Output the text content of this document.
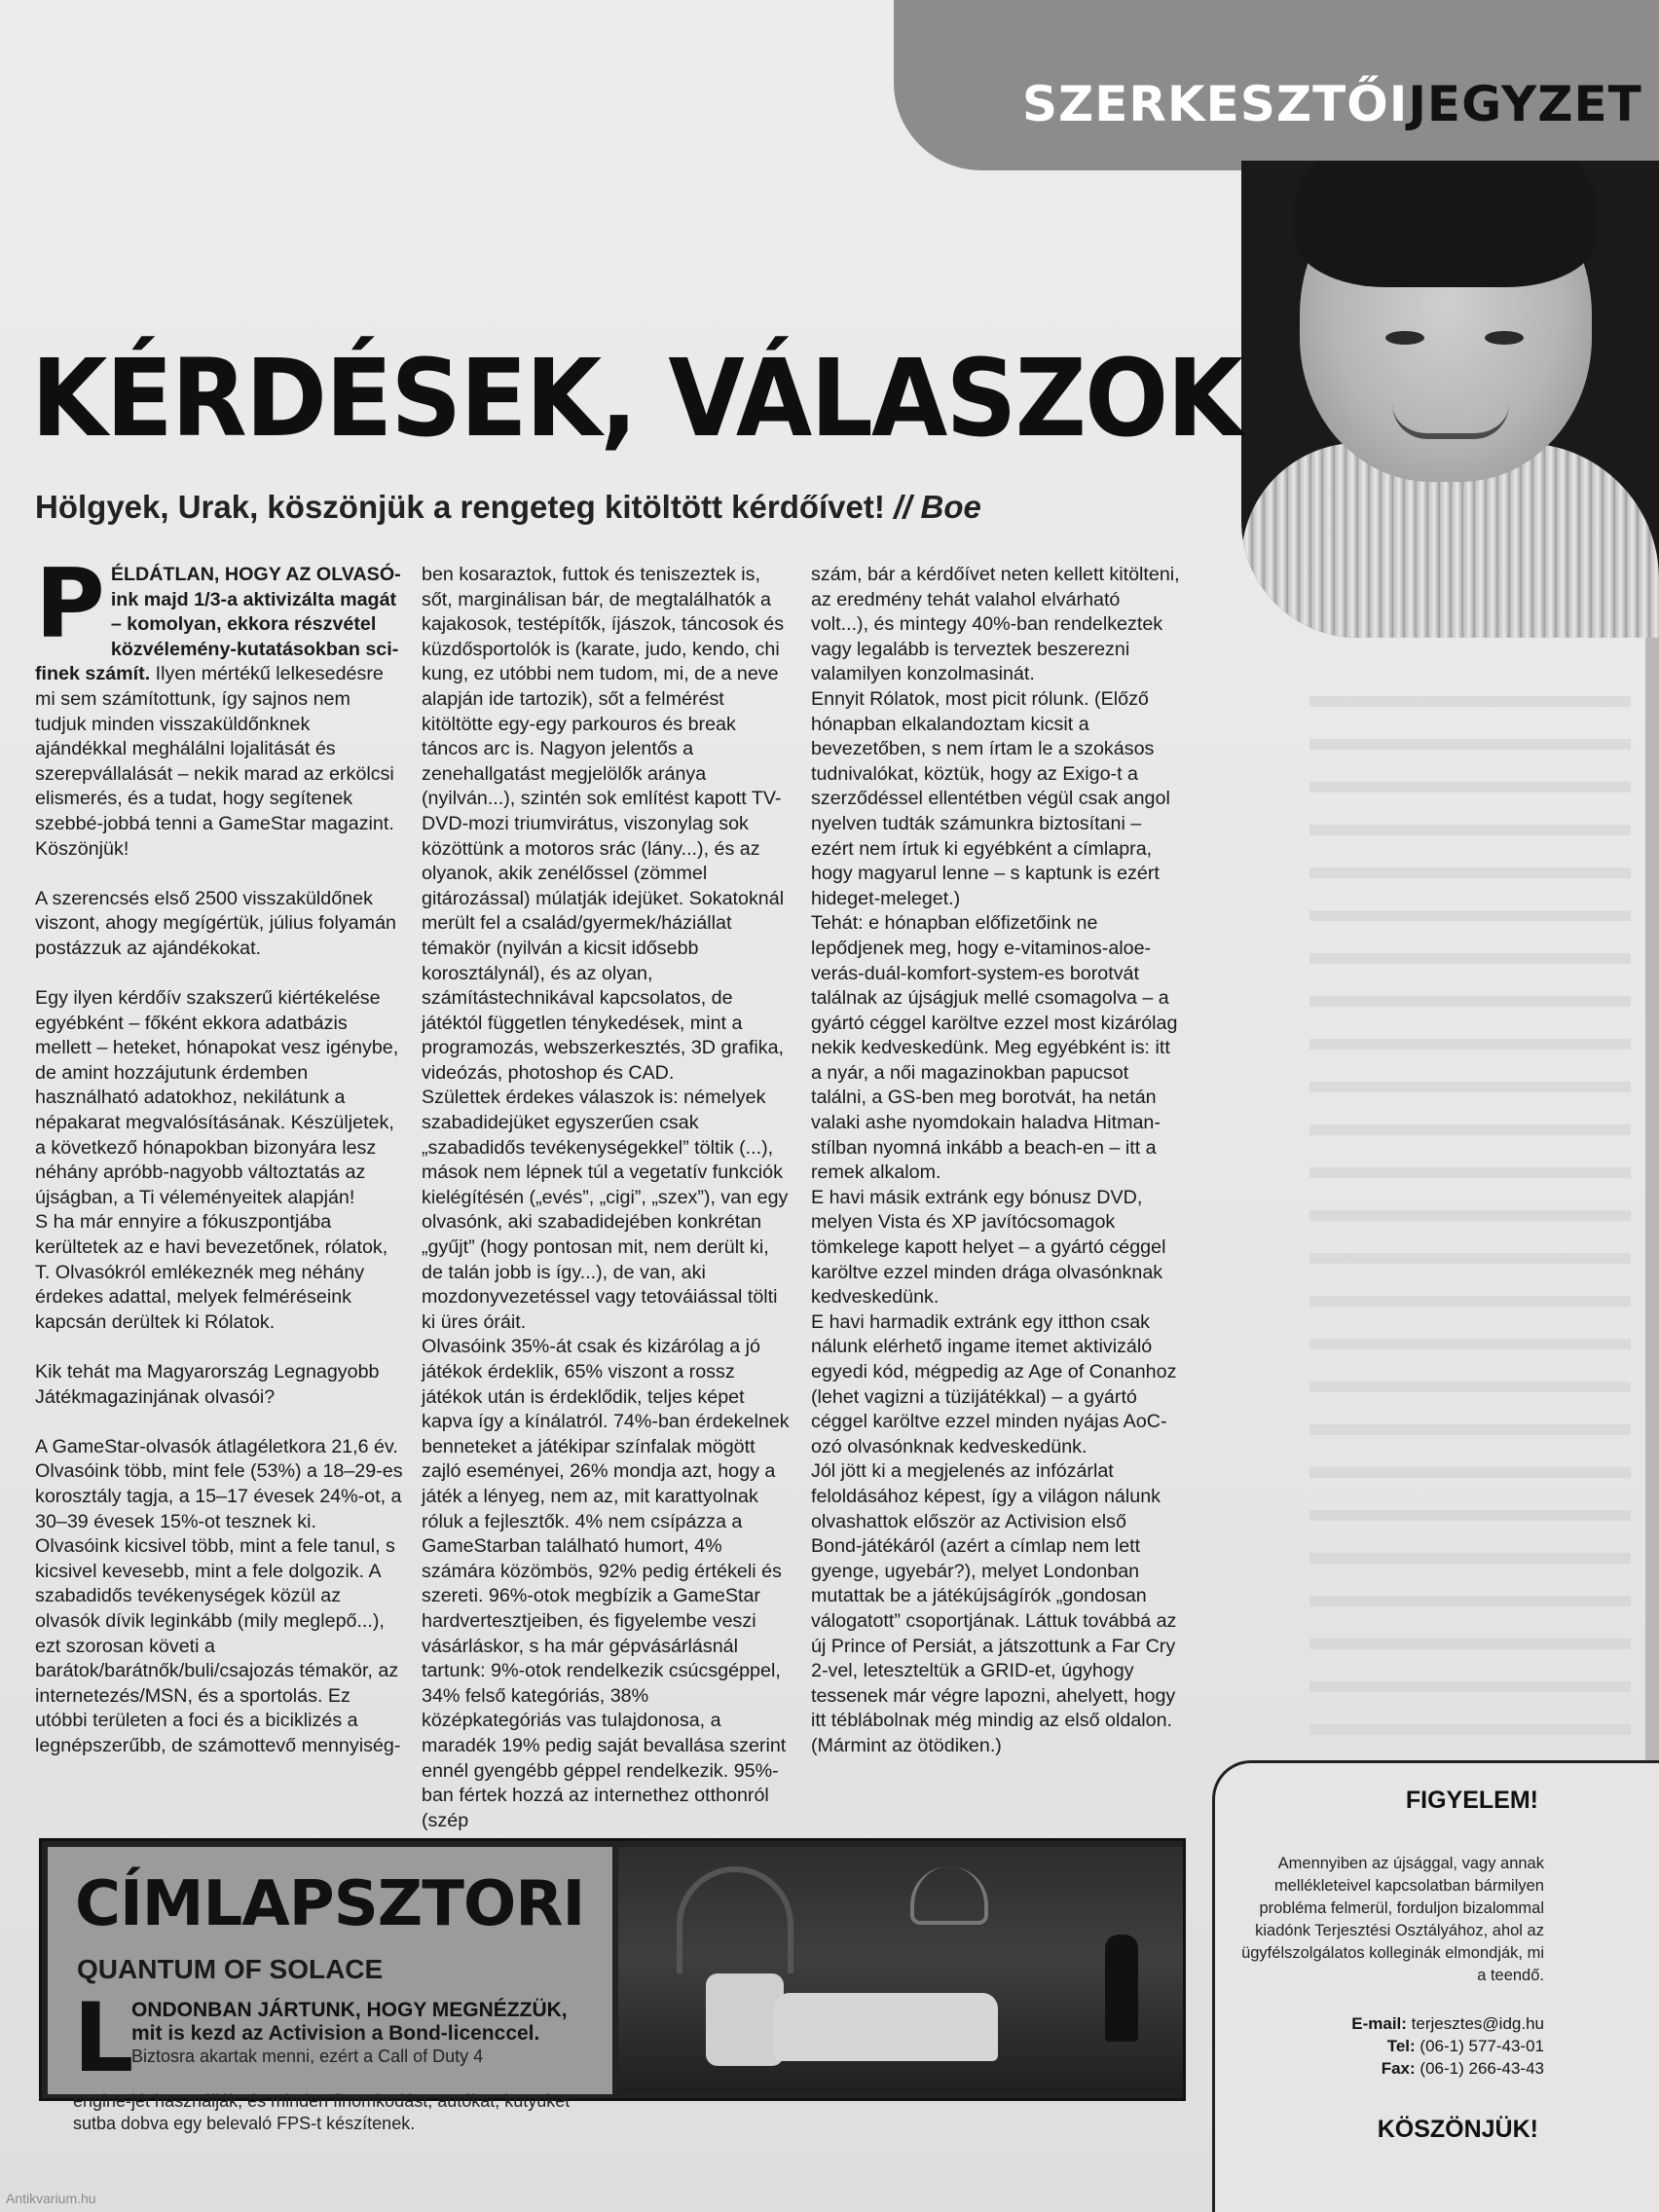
SZERKESZTŐIJEGYZET
KÉRDÉSEK, VÁLASZOK
Hölgyek, Urak, köszönjük a rengeteg kitöltött kérdőívet! // Boe

PÉLDÁTLAN, HOGY AZ OLVASÓ-ink majd 1/3-a aktivizálta magát – komolyan, ekkora részvétel közvélemény-kutatásokban sci-finek számít. Ilyen mértékű lelkesedésre mi sem számítottunk, így sajnos nem tudjuk minden visszaküldőnknek ajándékkal meghálálni lojalitását és szerepvállalását – nekik marad az erkölcsi elismerés, és a tudat, hogy segítenek szebbé-jobbá tenni a GameStar magazint. Köszönjük!

A szerencsés első 2500 visszaküldőnek viszont, ahogy megígértük, július folyamán postázzuk az ajándékokat.

Egy ilyen kérdőív szakszerű kiértékelése egyébként – főként ekkora adatbázis mellett – heteket, hónapokat vesz igénybe, de amint hozzájutunk érdemben használható adatokhoz, nekilátunk a népakarat megvalósításának. Készüljetek, a következő hónapokban bizonyára lesz néhány apróbb-nagyobb változtatás az újságban, a Ti véleményeitek alapján!

S ha már ennyire a fókuszpontjába kerültetek az e havi bevezetőnek, rólatok, T. Olvasókról emlékeznék meg néhány érdekes adattal, melyek felméréseink kapcsán derültek ki Rólatok.

Kik tehát ma Magyarország Legnagyobb Játékmagazinjának olvasói?

A GameStar-olvasók átlagéletkora 21,6 év. Olvasóink több, mint fele (53%) a 18–29-es korosztály tagja, a 15–17 évesek 24%-ot, a 30–39 évesek 15%-ot tesznek ki. Olvasóink kicsivel több, mint a fele tanul, s kicsivel kevesebb, mint a fele dolgozik. A szabadidős tevékenységek közül az olvasók dívik leginkább (mily meglepő...), ezt szorosan követi a barátok/barátnők/buli/csajozás témakör, az internetezés/MSN, és a sportolás. Ez utóbbi területen a foci és a biciklizés a legnépszerűbb, de számottevő mennyiség-

ben kosaraztok, futtok és teniszeztek is, sőt, marginálisan bár, de megtalálhatók a kajakosok, testépítők, íjászok, táncosok és küzdősportolók is (karate, judo, kendo, chi kung, ez utóbbi nem tudom, mi, de a neve alapján ide tartozik), sőt a felmérést kitöltötte egy-egy parkouros és break táncos arc is. Nagyon jelentős a zenehallgatást megjelölők aránya (nyilván...), szintén sok említést kapott TV-DVD-mozi triumvirátus, viszonylag sok közöttünk a motoros srác (lány...), és az olyanok, akik zenélőssel (zömmel gitározással) múlatják idejüket. Sokatoknál merült fel a család/gyermek/háziállat témakör (nyilván a kicsit idősebb korosztálynál), és az olyan, számítástechnikával kapcsolatos, de játéktól független ténykedések, mint a programozás, webszerkesztés, 3D grafika, videózás, photoshop és CAD.

Születtek érdekes válaszok is: némelyek szabadidejüket egyszerűen csak „szabadidős tevékenységekkel” töltik (...), mások nem lépnek túl a vegetatív funkciók kielégítésén („evés”, „cigi”, „szex”), van egy olvasónk, aki szabadidejében konkrétan „gyűjt” (hogy pontosan mit, nem derült ki, de talán jobb is így...), de van, aki mozdonyvezetéssel vagy tetováiással tölti ki üres óráit.

Olvasóink 35%-át csak és kizárólag a jó játékok érdeklik, 65% viszont a rossz játékok után is érdeklődik, teljes képet kapva így a kínálatról. 74%-ban érdekelnek benneteket a játékipar színfalak mögött zajló eseményei, 26% mondja azt, hogy a játék a lényeg, nem az, mit karattyolnak róluk a fejlesztők. 4% nem csípázza a GameStarban található humort, 4% számára közömbös, 92% pedig értékeli és szereti. 96%-otok megbízik a GameStar hardvertesztjeiben, és figyelembe veszi vásárláskor, s ha már gépvásárlásnál tartunk: 9%-otok rendelkezik csúcsgéppel, 34% felső kategóriás, 38% középkategóriás vas tulajdonosa, a maradék 19% pedig saját bevallása szerint ennél gyengébb géppel rendelkezik. 95%-ban fértek hozzá az internethez otthonról (szép

szám, bár a kérdőívet neten kellett kitölteni, az eredmény tehát valahol elvárható volt...), és mintegy 40%-ban rendelkeztek vagy legalább is terveztek beszerezni valamilyen konzolmasinát.

Ennyit Rólatok, most picit rólunk. (Előző hónapban elkalandoztam kicsit a bevezetőben, s nem írtam le a szokásos tudnivalókat, köztük, hogy az Exigo-t a szerződéssel ellentétben végül csak angol nyelven tudták számunkra biztosítani – ezért nem írtuk ki egyébként a címlapra, hogy magyarul lenne – s kaptunk is ezért hideget-meleget.)

Tehát: e hónapban előfizetőink ne lepődjenek meg, hogy e-vitaminos-aloe-verás-duál-komfort-system-es borotvát találnak az újságjuk mellé csomagolva – a gyártó céggel karöltve ezzel most kizárólag nekik kedveskedünk. Meg egyébként is: itt a nyár, a női magazinokban papucsot találni, a GS-ben meg borotvát, ha netán valaki ashe nyomdokain haladva Hitman-stílban nyomná inkább a beach-en – itt a remek alkalom.

E havi másik extránk egy bónusz DVD, melyen Vista és XP javítócsomagok tömkelege kapott helyet – a gyártó céggel karöltve ezzel minden drága olvasónknak kedveskedünk.

E havi harmadik extránk egy itthon csak nálunk elérhető ingame itemet aktivizáló egyedi kód, mégpedig az Age of Conanhoz (lehet vagizni a tüzijátékkal) – a gyártó céggel karöltve ezzel minden nyájas AoC-ozó olvasónknak kedveskedünk.

Jól jött ki a megjelenés az infózárlat feloldásához képest, így a világon nálunk olvashattok először az Activision első Bond-játékáról (azért a címlap nem lett gyenge, ugyebár?), melyet Londonban mutattak be a játékújságírók „gondosan válogatott” csoportjának. Láttuk továbbá az új Prince of Persiát, a játszottunk a Far Cry 2-vel, leteszteltük a GRID-et, úgyhogy tessenek már végre lapozni, ahelyett, hogy itt téblábolnak még mindig az első oldalon. (Mármint az ötödiken.)

CÍMLAPSZTORI
QUANTUM OF SOLACE
L
ONDONBAN JÁRTUNK, HOGY MEGNÉZZÜK,
mit is kezd az Activision a Bond-licenccel.
Biztosra akartak menni, ezért a Call of Duty 4
engine-jét használják, és minden finomkodást, autókat, kütyüket sutba dobva egy belevaló FPS-t készítenek.
FIGYELEM!
Amennyiben az újsággal, vagy annak mellékleteivel kapcsolatban bármilyen probléma felmerül, forduljon bizalommal kiadónk Terjesztési Osztályához, ahol az ügyfélszolgálatos kolleginák elmondják, mi a teendő.
E-mail: terjesztes@idg.hu
Tel: (06-1) 577-43-01
Fax: (06-1) 266-43-43
KÖSZÖNJÜK!
Antikvarium.hu
